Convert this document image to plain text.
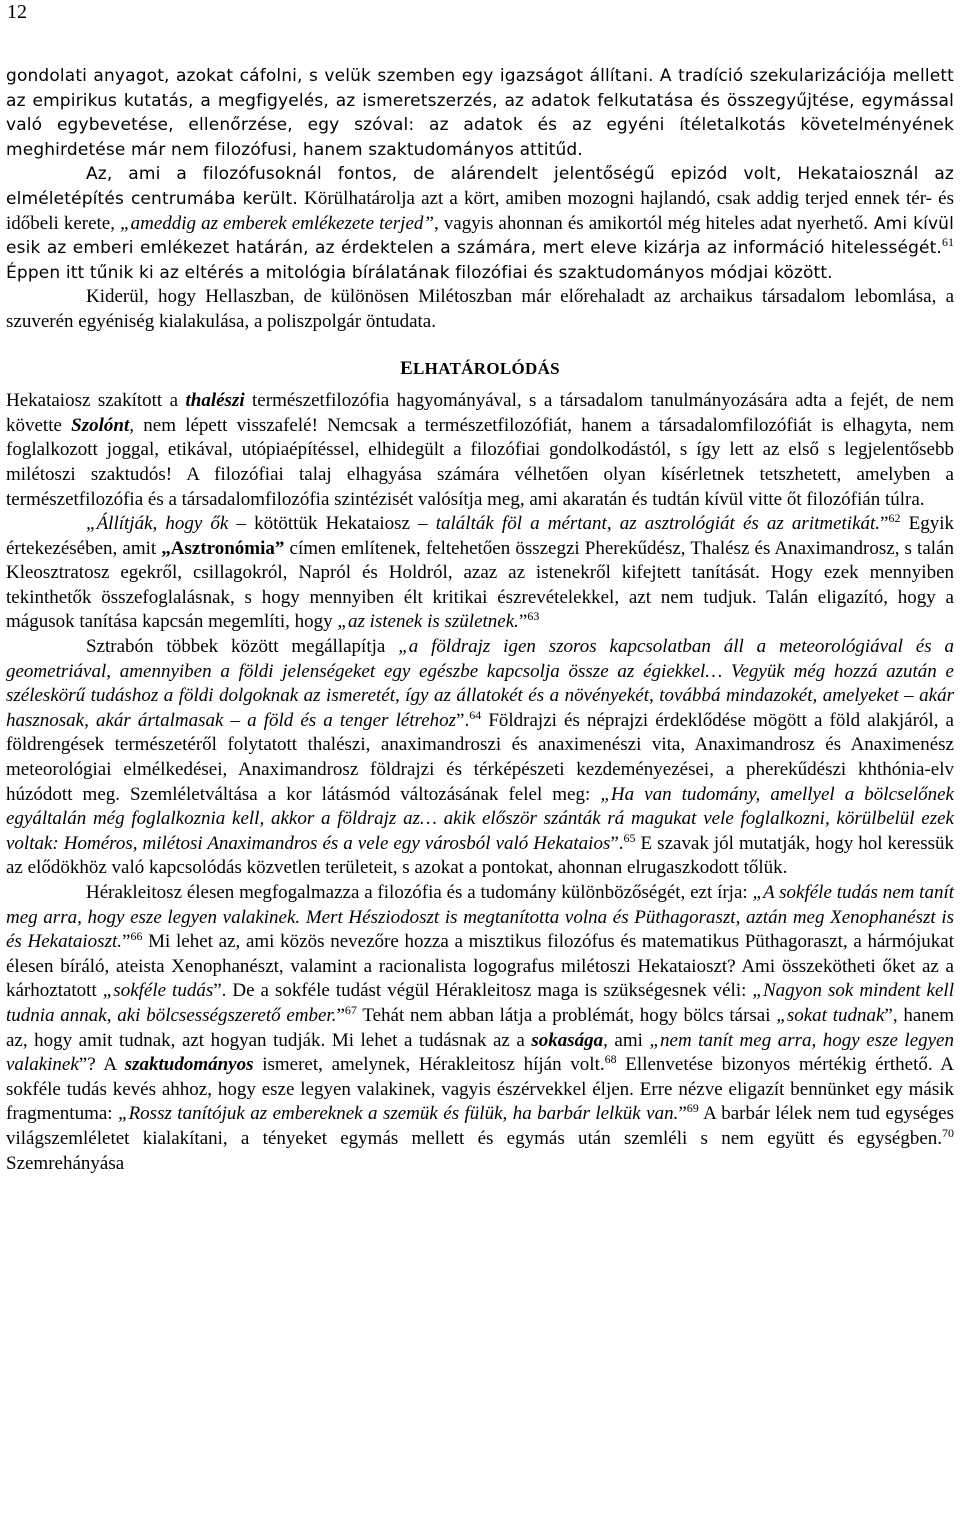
12

gondolati anyagot, azokat cáfolni, s velük szemben egy igazságot állítani. A tradíció szekularizációja mellett az empirikus kutatás, a megfigyelés, az ismeretszerzés, az adatok felkutatása és összegyűjtése, egymással való egybevetése, ellenőrzése, egy szóval: az adatok és az egyéni ítéletalkotás követelményének meghirdetése már nem filozófusi, hanem szaktudományos attitűd.

Az, ami a filozófusoknál fontos, de alárendelt jelentőségű epizód volt, Hekataiosznál az elméletépítés centrumába került. Körülhatárolja azt a kört, amiben mozogni hajlandó, csak addig terjed ennek tér- és időbeli kerete, „ameddig az emberek emlékezete terjed”, vagyis ahonnan és amikortól még hiteles adat nyerhető. Ami kívül esik az emberi emlékezet határán, az érdektelen a számára, mert eleve kizárja az információ hitelességét.$^{61}$ Éppen itt tűnik ki az eltérés a mitológia bírálatának filozófiai és szaktudományos módjai között.

Kiderül, hogy Hellaszban, de különösen Milétoszban már előrehaladt az archaikus társadalom lebomlása, a szuverén egyéniség kialakulása, a poliszpolgár öntudata.

ELHATÁROLÓDÁS

Hekataiosz szakított a thalészi természetfilozófia hagyományával, s a társadalom tanulmányozására adta a fejét, de nem követte Szolónt, nem lépett visszafelé! Nemcsak a természetfilozófiát, hanem a társadalomfilozófiát is elhagyta, nem foglalkozott joggal, etikával, utópiaépítéssel, elhidegült a filozófiai gondolkodástól, s így lett az első s legjelentősebb milétoszi szaktudós! A filozófiai talaj elhagyása számára vélhetően olyan kísérletnek tetszhetett, amelyben a természetfilozófia és a társadalomfilozófia szintézisét valósítja meg, ami akaratán és tudtán kívül vitte őt filozófián túlra.

„Állítják, hogy ők – kötöttük Hekataiosz – találták föl a mértant, az asztrológiát és az aritmetikát.”$^{62}$ Egyik értekezésében, amit „Asztronómia” címen említenek, feltehetően összegzi Pherekűdész, Thalész és Anaximandrosz, s talán Kleosztratosz egekről, csillagokról, Napról és Holdról, azaz az istenekről kifejtett tanítását. Hogy ezek mennyiben tekinthetők összefoglalásnak, s hogy mennyiben élt kritikai észrevételekkel, azt nem tudjuk. Talán eligazító, hogy a mágusok tanítása kapcsán megemlíti, hogy „az istenek is születnek.”$^{63}$

Sztrabón többek között megállapítja „a földrajz igen szoros kapcsolatban áll a meteorológiával és a geometriával, amennyiben a földi jelenségeket egy egészbe kapcsolja össze az égiekkel… Vegyük még hozzá azután e széleskörű tudáshoz a földi dolgoknak az ismeretét, így az állatokét és a növényekét, továbbá mindazokét, amelyeket – akár hasznosak, akár ártalmasak – a föld és a tenger létrehoz”.$^{64}$ Földrajzi és néprajzi érdeklődése mögött a föld alakjáról, a földrengések természetéről folytatott thalészi, anaximandroszi és anaximenészi vita, Anaximandrosz és Anaximenész meteorológiai elmélkedései, Anaximandrosz földrajzi és térképészeti kezdeményezései, a pherekűdészi khthónia-elv húzódott meg. Szemléletváltása a kor látásmód változásának felel meg: „Ha van tudomány, amellyel a bölcselőnek egyáltalán még foglalkoznia kell, akkor a földrajz az… akik először szánták rá magukat vele foglalkozni, körülbelül ezek voltak: Homéros, milétosi Anaximandros és a vele egy városból való Hekataios”.$^{65}$ E szavak jól mutatják, hogy hol keressük az elődökhöz való kapcsolódás közvetlen területeit, s azokat a pontokat, ahonnan elrugaszkodott tőlük.

Hérakleitosz élesen megfogalmazza a filozófia és a tudomány különbözőségét, ezt írja: „A sokféle tudás nem tanít meg arra, hogy esze legyen valakinek. Mert Hésziodoszt is megtanította volna és Püthagoraszt, aztán meg Xenophanészt is és Hekataioszt.”$^{66}$ Mi lehet az, ami közös nevezőre hozza a misztikus filozófus és matematikus Püthagoraszt, a hármójukat élesen bíráló, ateista Xenophanészt, valamint a racionalista logografus milétoszi Hekataioszt? Ami összekötheti őket az a kárhoztatott „sokféle tudás”. De a sokféle tudást végül Hérakleitosz maga is szükségesnek véli: „Nagyon sok mindent kell tudnia annak, aki bölcsességszerető ember.”$^{67}$ Tehát nem abban látja a problémát, hogy bölcs társai „sokat tudnak”, hanem az, hogy amit tudnak, azt hogyan tudják. Mi lehet a tudásnak az a sokasága, ami „nem tanít meg arra, hogy esze legyen valakinek”? A szaktudományos ismeret, amelynek, Hérakleitosz híján volt.$^{68}$ Ellenvetése bizonyos mértékig érthető. A sokféle tudás kevés ahhoz, hogy esze legyen valakinek, vagyis észérvekkel éljen. Erre nézve eligazít bennünket egy másik fragmentuma: „Rossz tanítójuk az embereknek a szemük és fülük, ha barbár lelkük van.”$^{69}$ A barbár lélek nem tud egységes világszemléletet kialakítani, a tényeket egymás mellett és egymás után szemléli s nem együtt és egységben.$^{70}$ Szemrehányása
